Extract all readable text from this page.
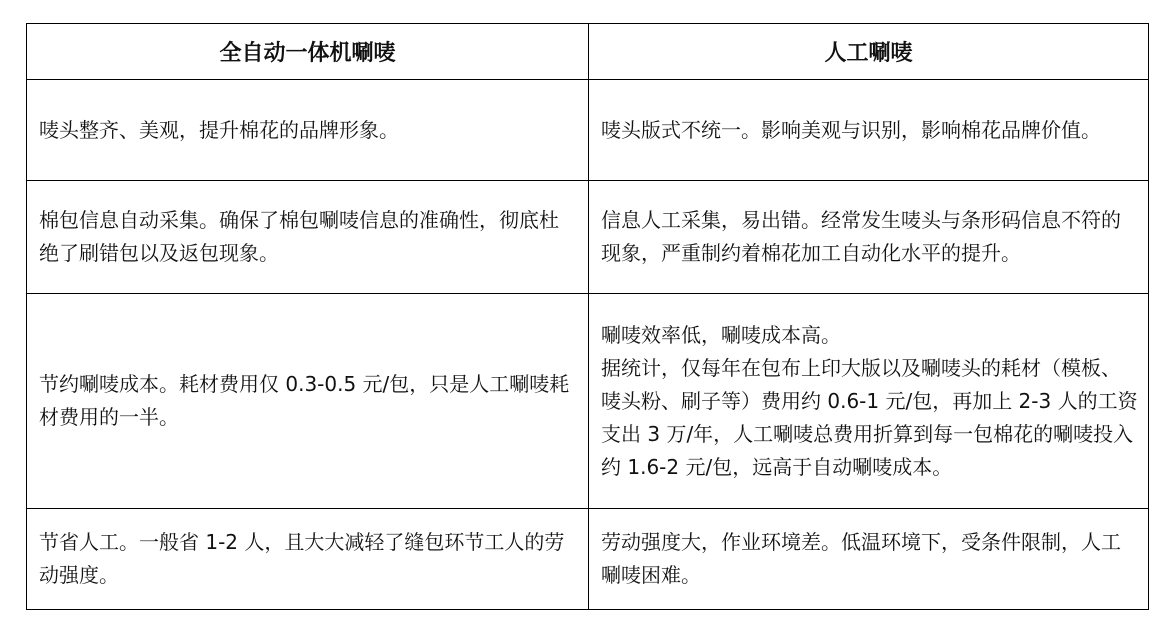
全自动一体机唰唛	人工唰唛

唛头整齐、美观，提升棉花的品牌形象。	唛头版式不统一。影响美观与识别，影响棉花品牌价值。

棉包信息自动采集。确保了棉包唰唛信息的准确性，彻底杜绝了刷错包以及返包现象。	信息人工采集，易出错。经常发生唛头与条形码信息不符的现象，严重制约着棉花加工自动化水平的提升。

节约唰唛成本。耗材费用仅 0.3-0.5 元/包，只是人工唰唛耗材费用的一半。	唰唛效率低，唰唛成本高。
据统计，仅每年在包布上印大版以及唰唛头的耗材（模板、唛头粉、刷子等）费用约 0.6-1 元/包，再加上 2-3 人的工资支出 3 万/年，人工唰唛总费用折算到每一包棉花的唰唛投入约 1.6-2 元/包，远高于自动唰唛成本。

节省人工。一般省 1-2 人，且大大减轻了缝包环节工人的劳动强度。	劳动强度大，作业环境差。低温环境下，受条件限制，人工唰唛困难。
